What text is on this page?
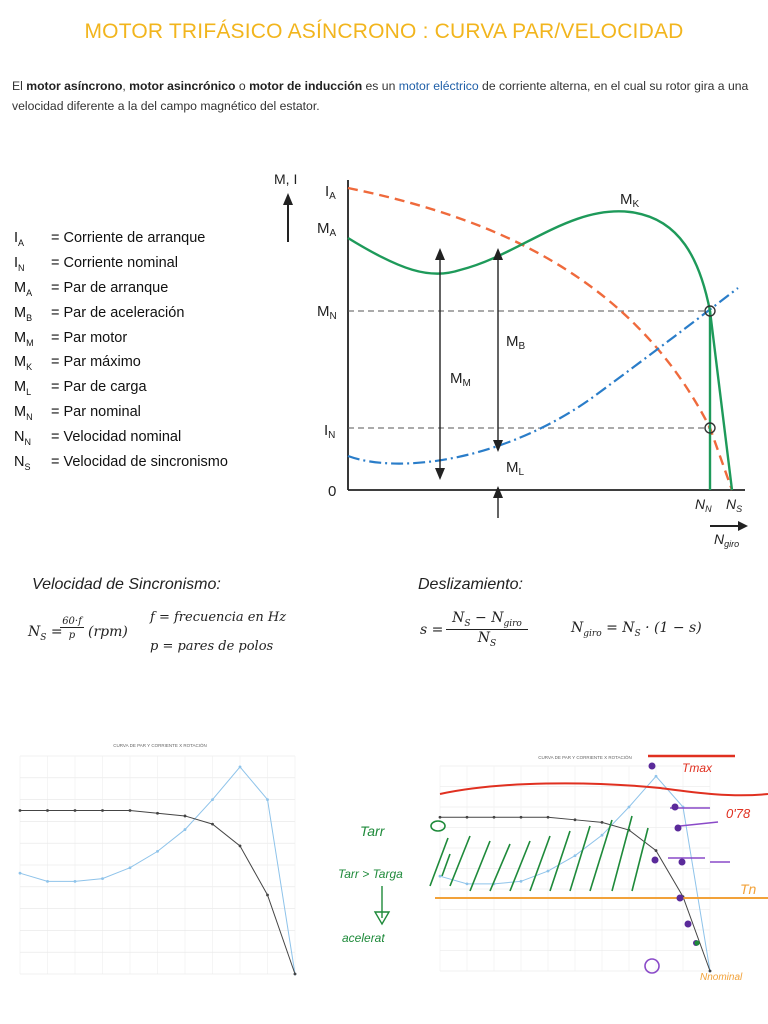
MOTOR TRIFÁSICO ASÍNCRONO : CURVA PAR/VELOCIDAD
El motor asíncrono, motor asincrónico o motor de inducción es un motor eléctrico de corriente alterna, en el cual su rotor gira a una velocidad diferente a la del campo magnético del estator.
$I_A$	= Corriente de arranque
$I_N$	= Corriente nominal
$M_A$	= Par de arranque
$M_B$	= Par de aceleración
$M_M$	= Par motor
$M_K$	= Par máximo
$M_L$	= Par de carga
$M_N$	= Par nominal
$N_N$	= Velocidad nominal
$N_S$	= Velocidad de sincronismo
M, I
$I_A$
$M_A$
$M_N$
$I_N$
0
$M_K$
$M_B$
$M_M$
$M_L$
$N_N$ $N_S$
$N_{giro}$
Velocidad de Sincronismo:	Deslizamiento:
$N_S$ =
60·f
p (rpm)
f = frecuencia en Hz
p = pares de polos
s =
$N_S - N_{giro}$
$N_S$
$N_{giro} = N_S \cdot (1 - s)$
CURVA DE PAR Y CORRIENTE X ROTACIÓN
CURVA DE PAR Y CORRIENTE X ROTACIÓN
Tarr
Tarr > Targa
acelerat
Tmax
0'78
Tn
Nnominal
